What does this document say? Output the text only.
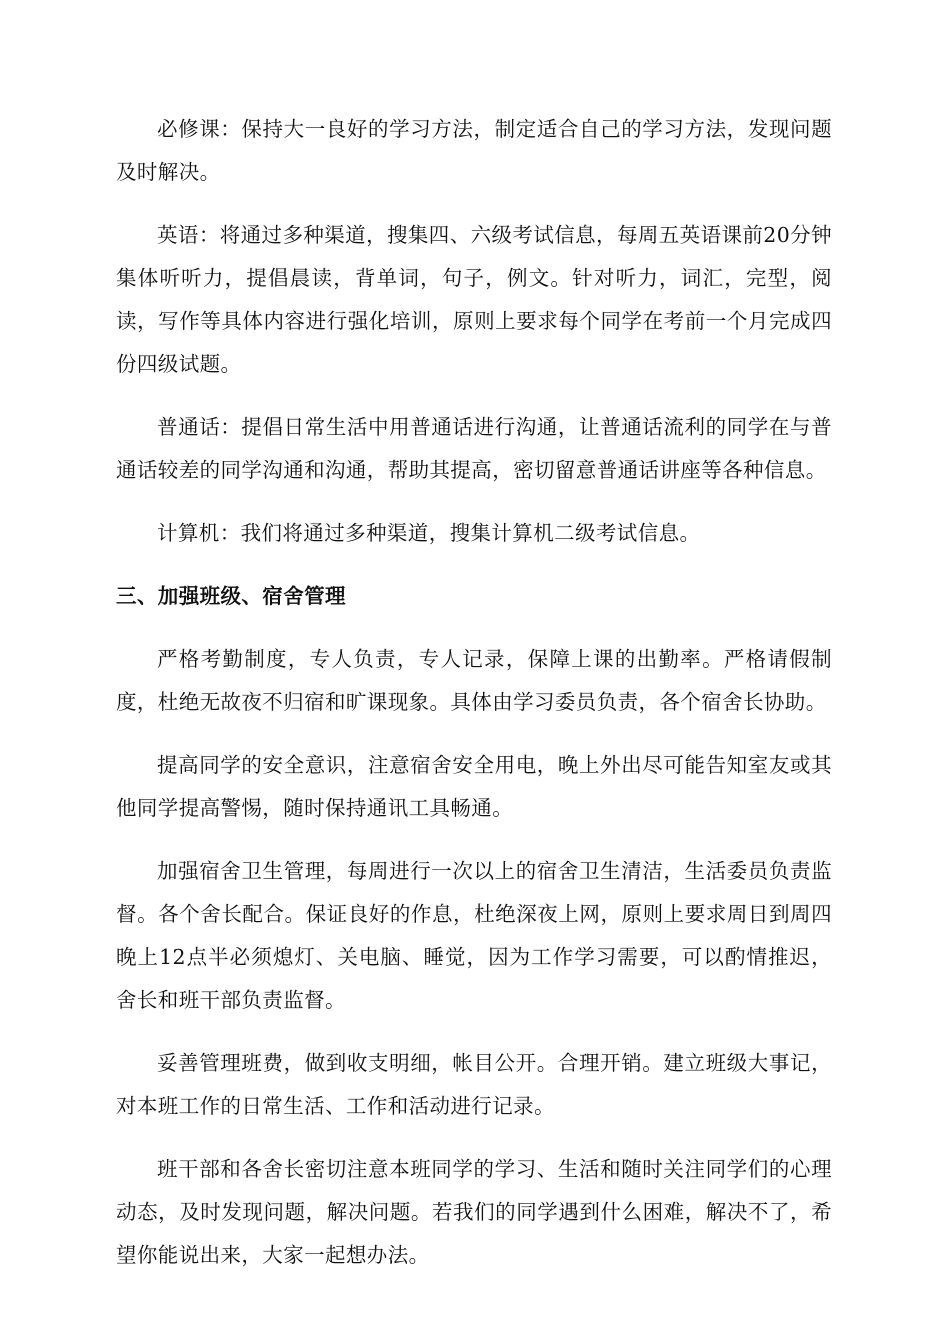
必修课：保持大一良好的学习方法，制定适合自己的学习方法，发现问题及时解决。

英语：将通过多种渠道，搜集四、六级考试信息，每周五英语课前20分钟集体听听力，提倡晨读，背单词，句子，例文。针对听力，词汇，完型，阅读，写作等具体内容进行强化培训，原则上要求每个同学在考前一个月完成四份四级试题。

普通话：提倡日常生活中用普通话进行沟通，让普通话流利的同学在与普通话较差的同学沟通和沟通，帮助其提高，密切留意普通话讲座等各种信息。

计算机：我们将通过多种渠道，搜集计算机二级考试信息。

三、加强班级、宿舍管理

严格考勤制度，专人负责，专人记录，保障上课的出勤率。严格请假制度，杜绝无故夜不归宿和旷课现象。具体由学习委员负责，各个宿舍长协助。

提高同学的安全意识，注意宿舍安全用电，晚上外出尽可能告知室友或其他同学提高警惕，随时保持通讯工具畅通。

加强宿舍卫生管理，每周进行一次以上的宿舍卫生清洁，生活委员负责监督。各个舍长配合。保证良好的作息，杜绝深夜上网，原则上要求周日到周四晚上12点半必须熄灯、关电脑、睡觉，因为工作学习需要，可以酌情推迟，舍长和班干部负责监督。

妥善管理班费，做到收支明细，帐目公开。合理开销。建立班级大事记，对本班工作的日常生活、工作和活动进行记录。

班干部和各舍长密切注意本班同学的学习、生活和随时关注同学们的心理动态，及时发现问题，解决问题。若我们的同学遇到什么困难，解决不了，希望你能说出来，大家一起想办法。
